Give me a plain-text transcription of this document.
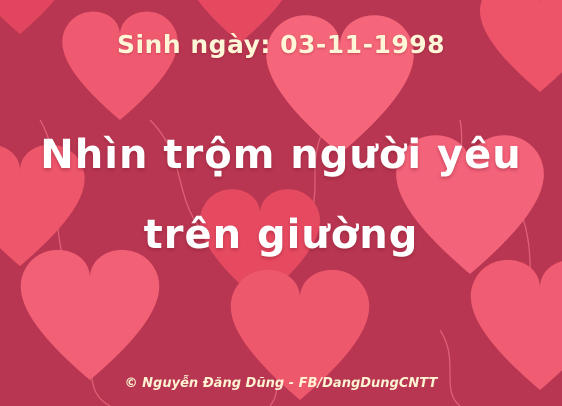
Sinh ngày: 03-11-1998
Nhìn trộm người yêu
trên giường
© Nguyễn Đăng Dũng - FB/DangDungCNTT
